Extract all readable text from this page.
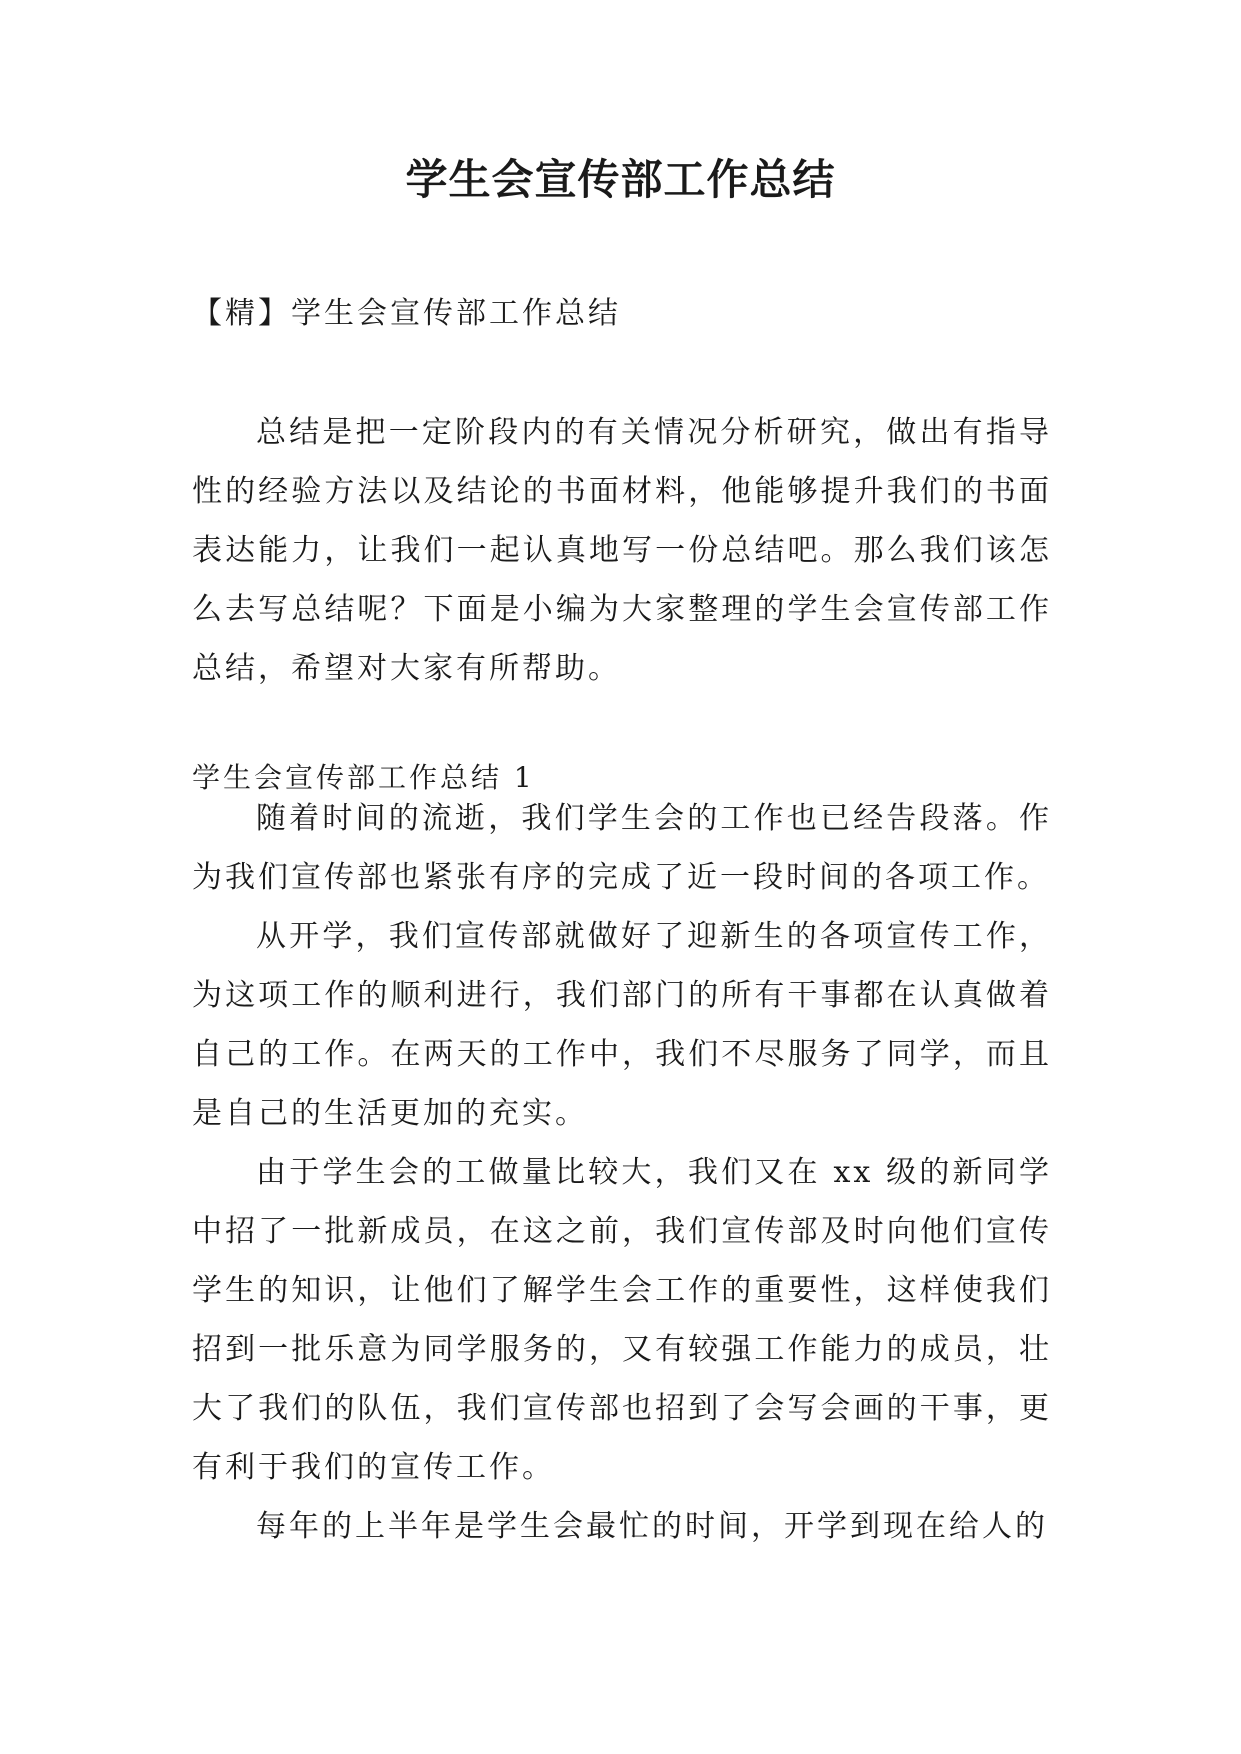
学生会宣传部工作总结

【精】学生会宣传部工作总结

总结是把一定阶段内的有关情况分析研究，做出有指导性的经验方法以及结论的书面材料，他能够提升我们的书面表达能力，让我们一起认真地写一份总结吧。那么我们该怎么去写总结呢？下面是小编为大家整理的学生会宣传部工作总结，希望对大家有所帮助。

学生会宣传部工作总结 1

随着时间的流逝，我们学生会的工作也已经告段落。作为我们宣传部也紧张有序的完成了近一段时间的各项工作。

从开学，我们宣传部就做好了迎新生的各项宣传工作，为这项工作的顺利进行，我们部门的所有干事都在认真做着自己的工作。在两天的工作中，我们不尽服务了同学，而且是自己的生活更加的充实。

由于学生会的工做量比较大，我们又在 xx 级的新同学中招了一批新成员，在这之前，我们宣传部及时向他们宣传学生的知识，让他们了解学生会工作的重要性，这样使我们招到一批乐意为同学服务的，又有较强工作能力的成员，壮大了我们的队伍，我们宣传部也招到了会写会画的干事，更有利于我们的宣传工作。

每年的上半年是学生会最忙的时间，开学到现在给人的
